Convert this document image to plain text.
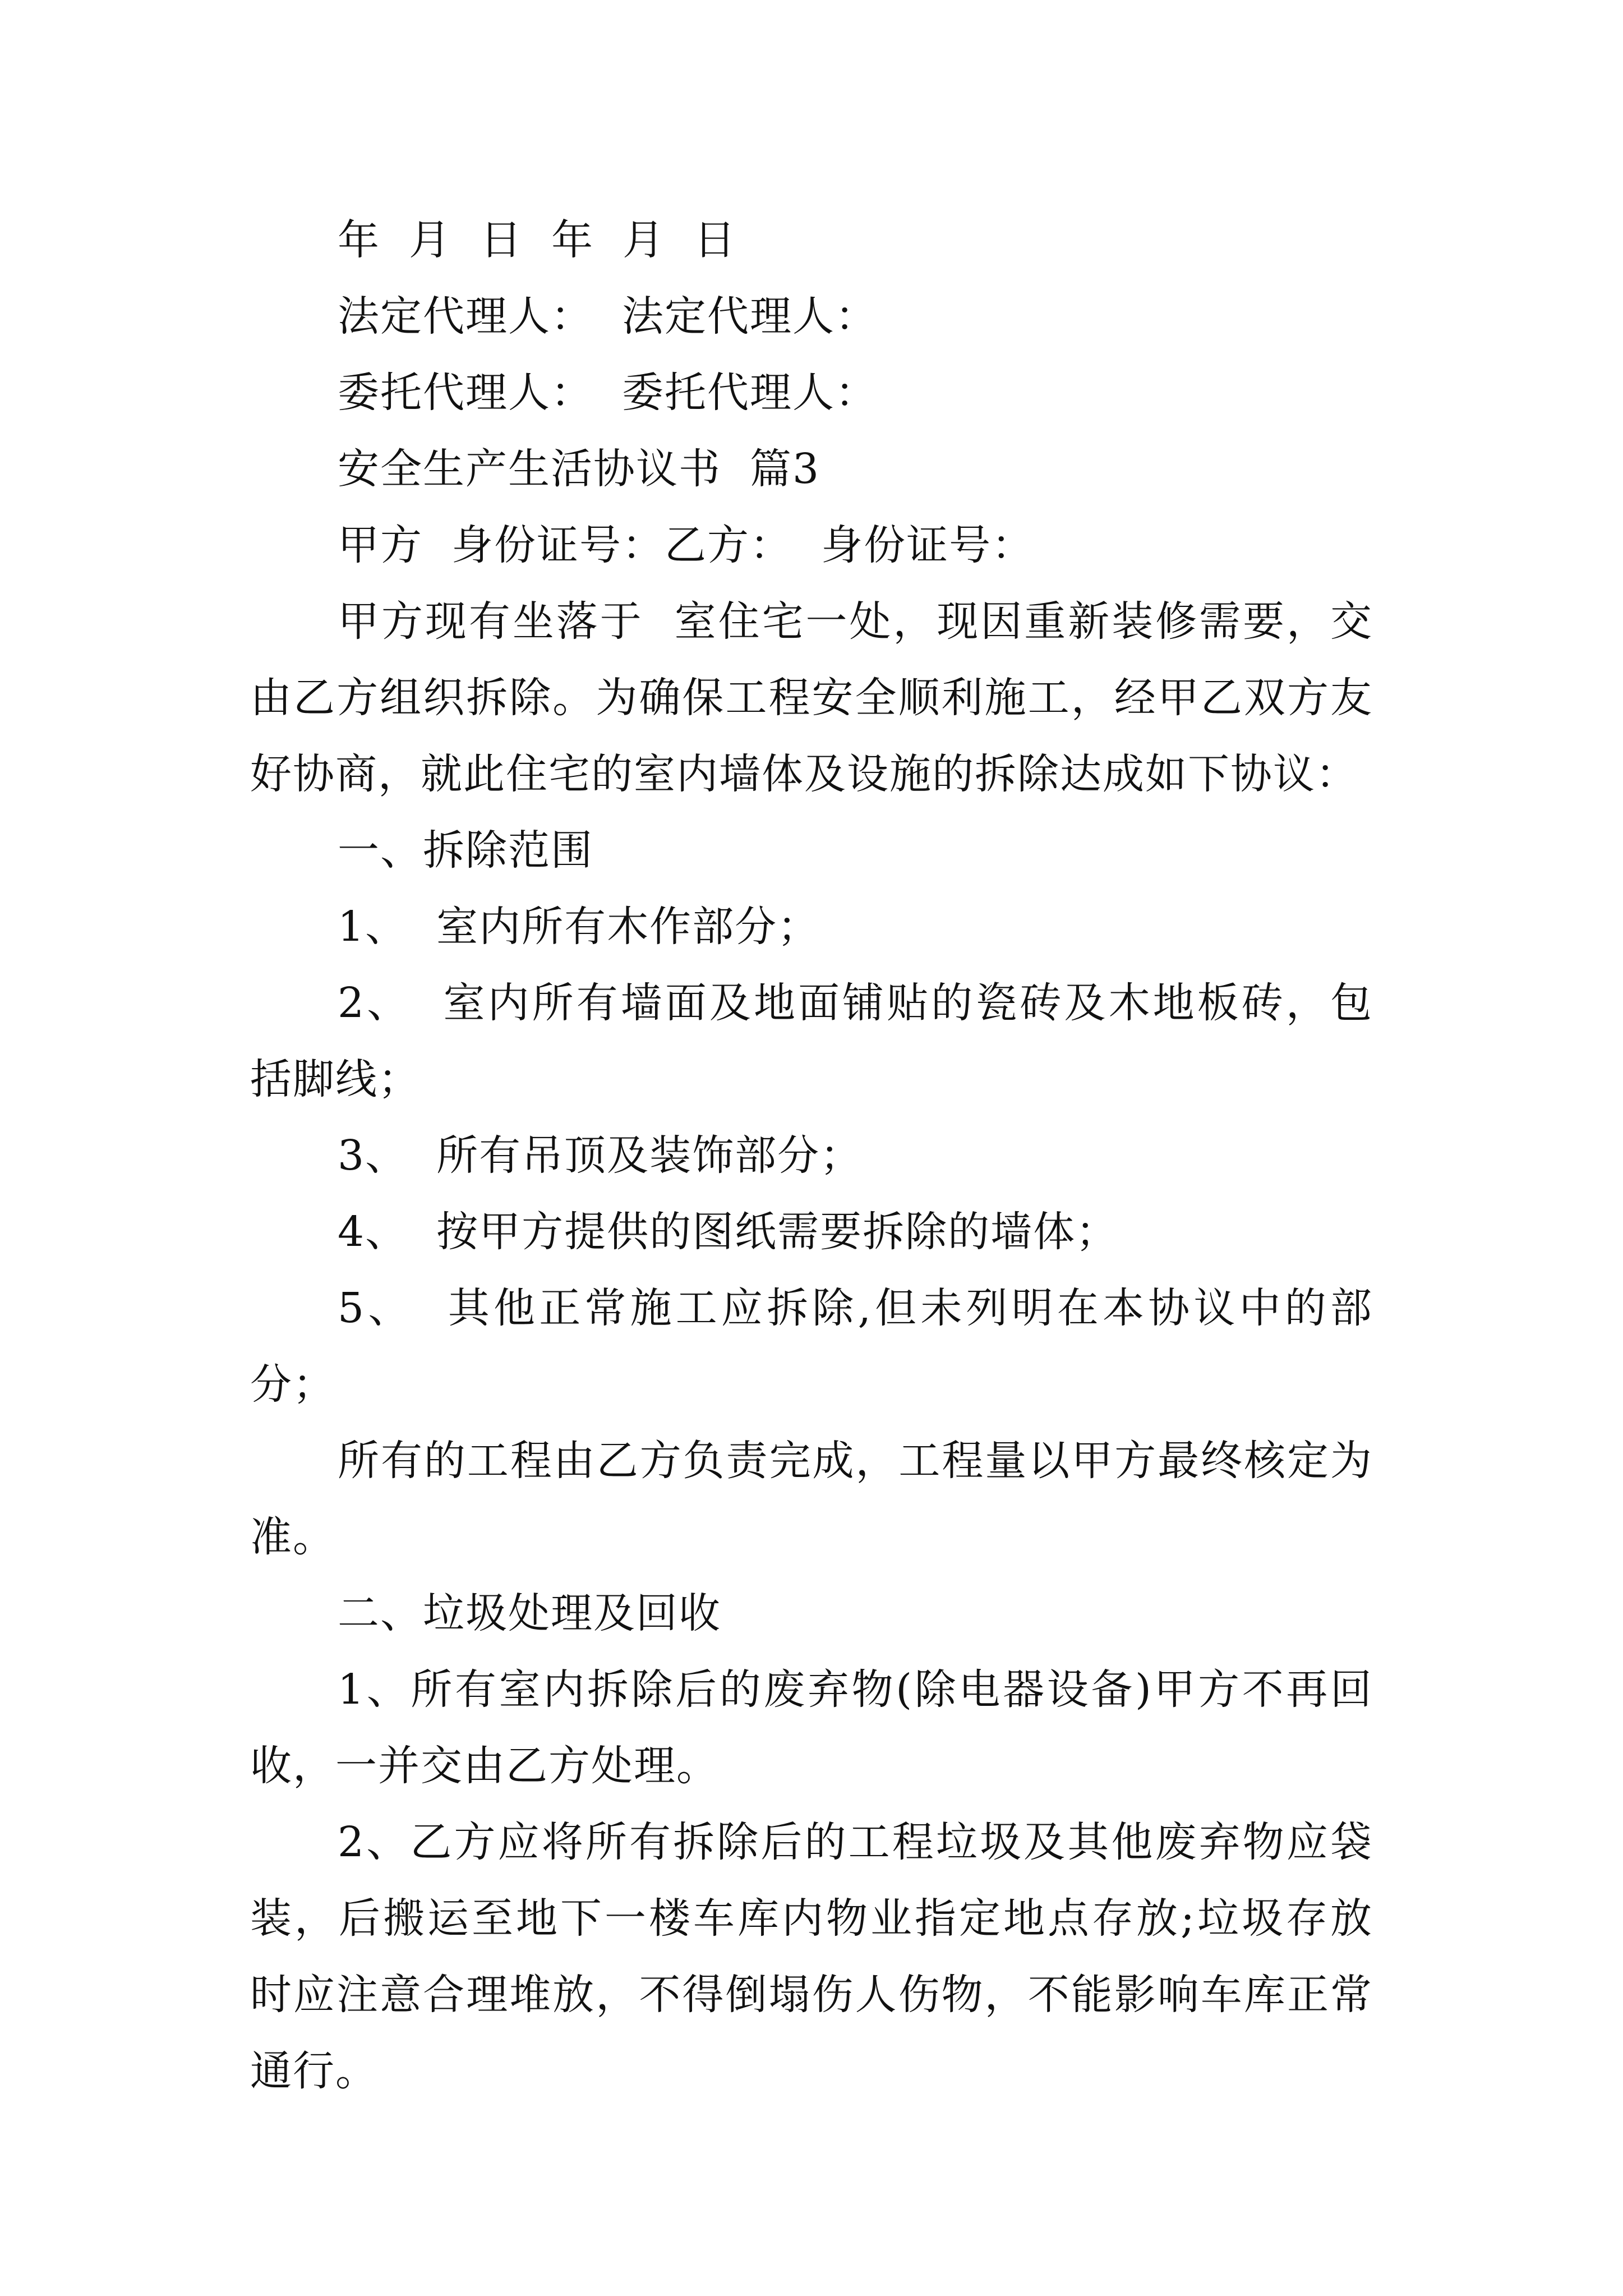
年  月  日  年  月  日

法定代理人：  法定代理人：

委托代理人：  委托代理人：

安全生产生活协议书  篇3

甲方  身份证号：乙方：  身份证号：

甲方现有坐落于  室住宅一处，现因重新装修需要，交由乙方组织拆除。为确保工程安全顺利施工，经甲乙双方友好协商，就此住宅的室内墙体及设施的拆除达成如下协议：

一、拆除范围

1、  室内所有木作部分；

2、  室内所有墙面及地面铺贴的瓷砖及木地板砖，包括脚线；

3、  所有吊顶及装饰部分；

4、  按甲方提供的图纸需要拆除的墙体；

5、  其他正常施工应拆除,但未列明在本协议中的部分；

所有的工程由乙方负责完成，工程量以甲方最终核定为准。

二、垃圾处理及回收

1、所有室内拆除后的废弃物(除电器设备)甲方不再回收，一并交由乙方处理。

2、乙方应将所有拆除后的工程垃圾及其他废弃物应袋装，后搬运至地下一楼车库内物业指定地点存放;垃圾存放时应注意合理堆放，不得倒塌伤人伤物，不能影响车库正常通行。
